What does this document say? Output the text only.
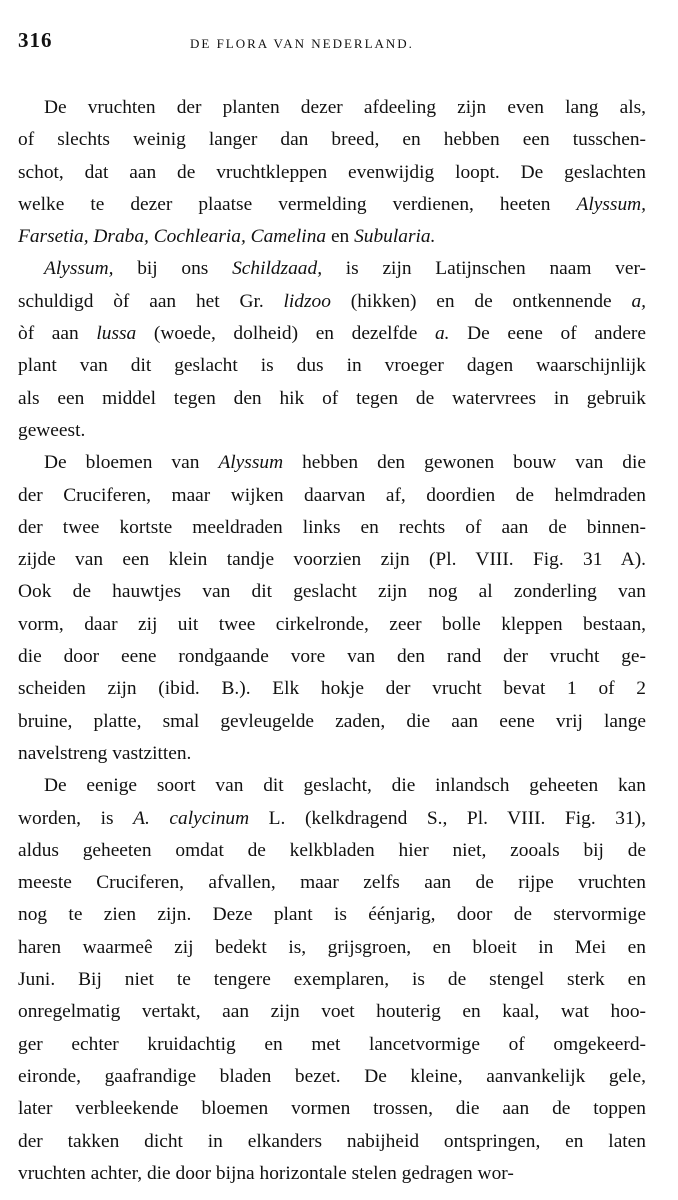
316	DE FLORA VAN NEDERLAND.
De vruchten der planten dezer afdeeling zijn even lang als,
of slechts weinig langer dan breed, en hebben een tusschen-
schot, dat aan de vruchtkleppen evenwijdig loopt. De geslachten
welke te dezer plaatse vermelding verdienen, heeten Alyssum,
Farsetia, Draba, Cochlearia, Camelina en Subularia.
Alyssum, bij ons Schildzaad, is zijn Latijnschen naam ver-
schuldigd òf aan het Gr. lidzoo (hikken) en de ontkennende a,
òf aan lussa (woede, dolheid) en dezelfde a. De eene of andere
plant van dit geslacht is dus in vroeger dagen waarschijnlijk
als een middel tegen den hik of tegen de watervrees in gebruik
geweest.
De bloemen van Alyssum hebben den gewonen bouw van die
der Cruciferen, maar wijken daarvan af, doordien de helmdraden
der twee kortste meeldraden links en rechts of aan de binnen-
zijde van een klein tandje voorzien zijn (Pl. VIII. Fig. 31 A).
Ook de hauwtjes van dit geslacht zijn nog al zonderling van
vorm, daar zij uit twee cirkelronde, zeer bolle kleppen bestaan,
die door eene rondgaande vore van den rand der vrucht ge-
scheiden zijn (ibid. B.). Elk hokje der vrucht bevat 1 of 2
bruine, platte, smal gevleugelde zaden, die aan eene vrij lange
navelstreng vastzitten.
De eenige soort van dit geslacht, die inlandsch geheeten kan
worden, is A. calycinum L. (kelkdragend S., Pl. VIII. Fig. 31),
aldus geheeten omdat de kelkbladen hier niet, zooals bij de
meeste Cruciferen, afvallen, maar zelfs aan de rijpe vruchten
nog te zien zijn. Deze plant is éénjarig, door de stervormige
haren waarmeê zij bedekt is, grijsgroen, en bloeit in Mei en
Juni. Bij niet te tengere exemplaren, is de stengel sterk en
onregelmatig vertakt, aan zijn voet houterig en kaal, wat hoo-
ger echter kruidachtig en met lancetvormige of omgekeerd-
eironde, gaafrandige bladen bezet. De kleine, aanvankelijk gele,
later verbleekende bloemen vormen trossen, die aan de toppen
der takken dicht in elkanders nabijheid ontspringen, en laten
vruchten achter, die door bijna horizontale stelen gedragen wor-
